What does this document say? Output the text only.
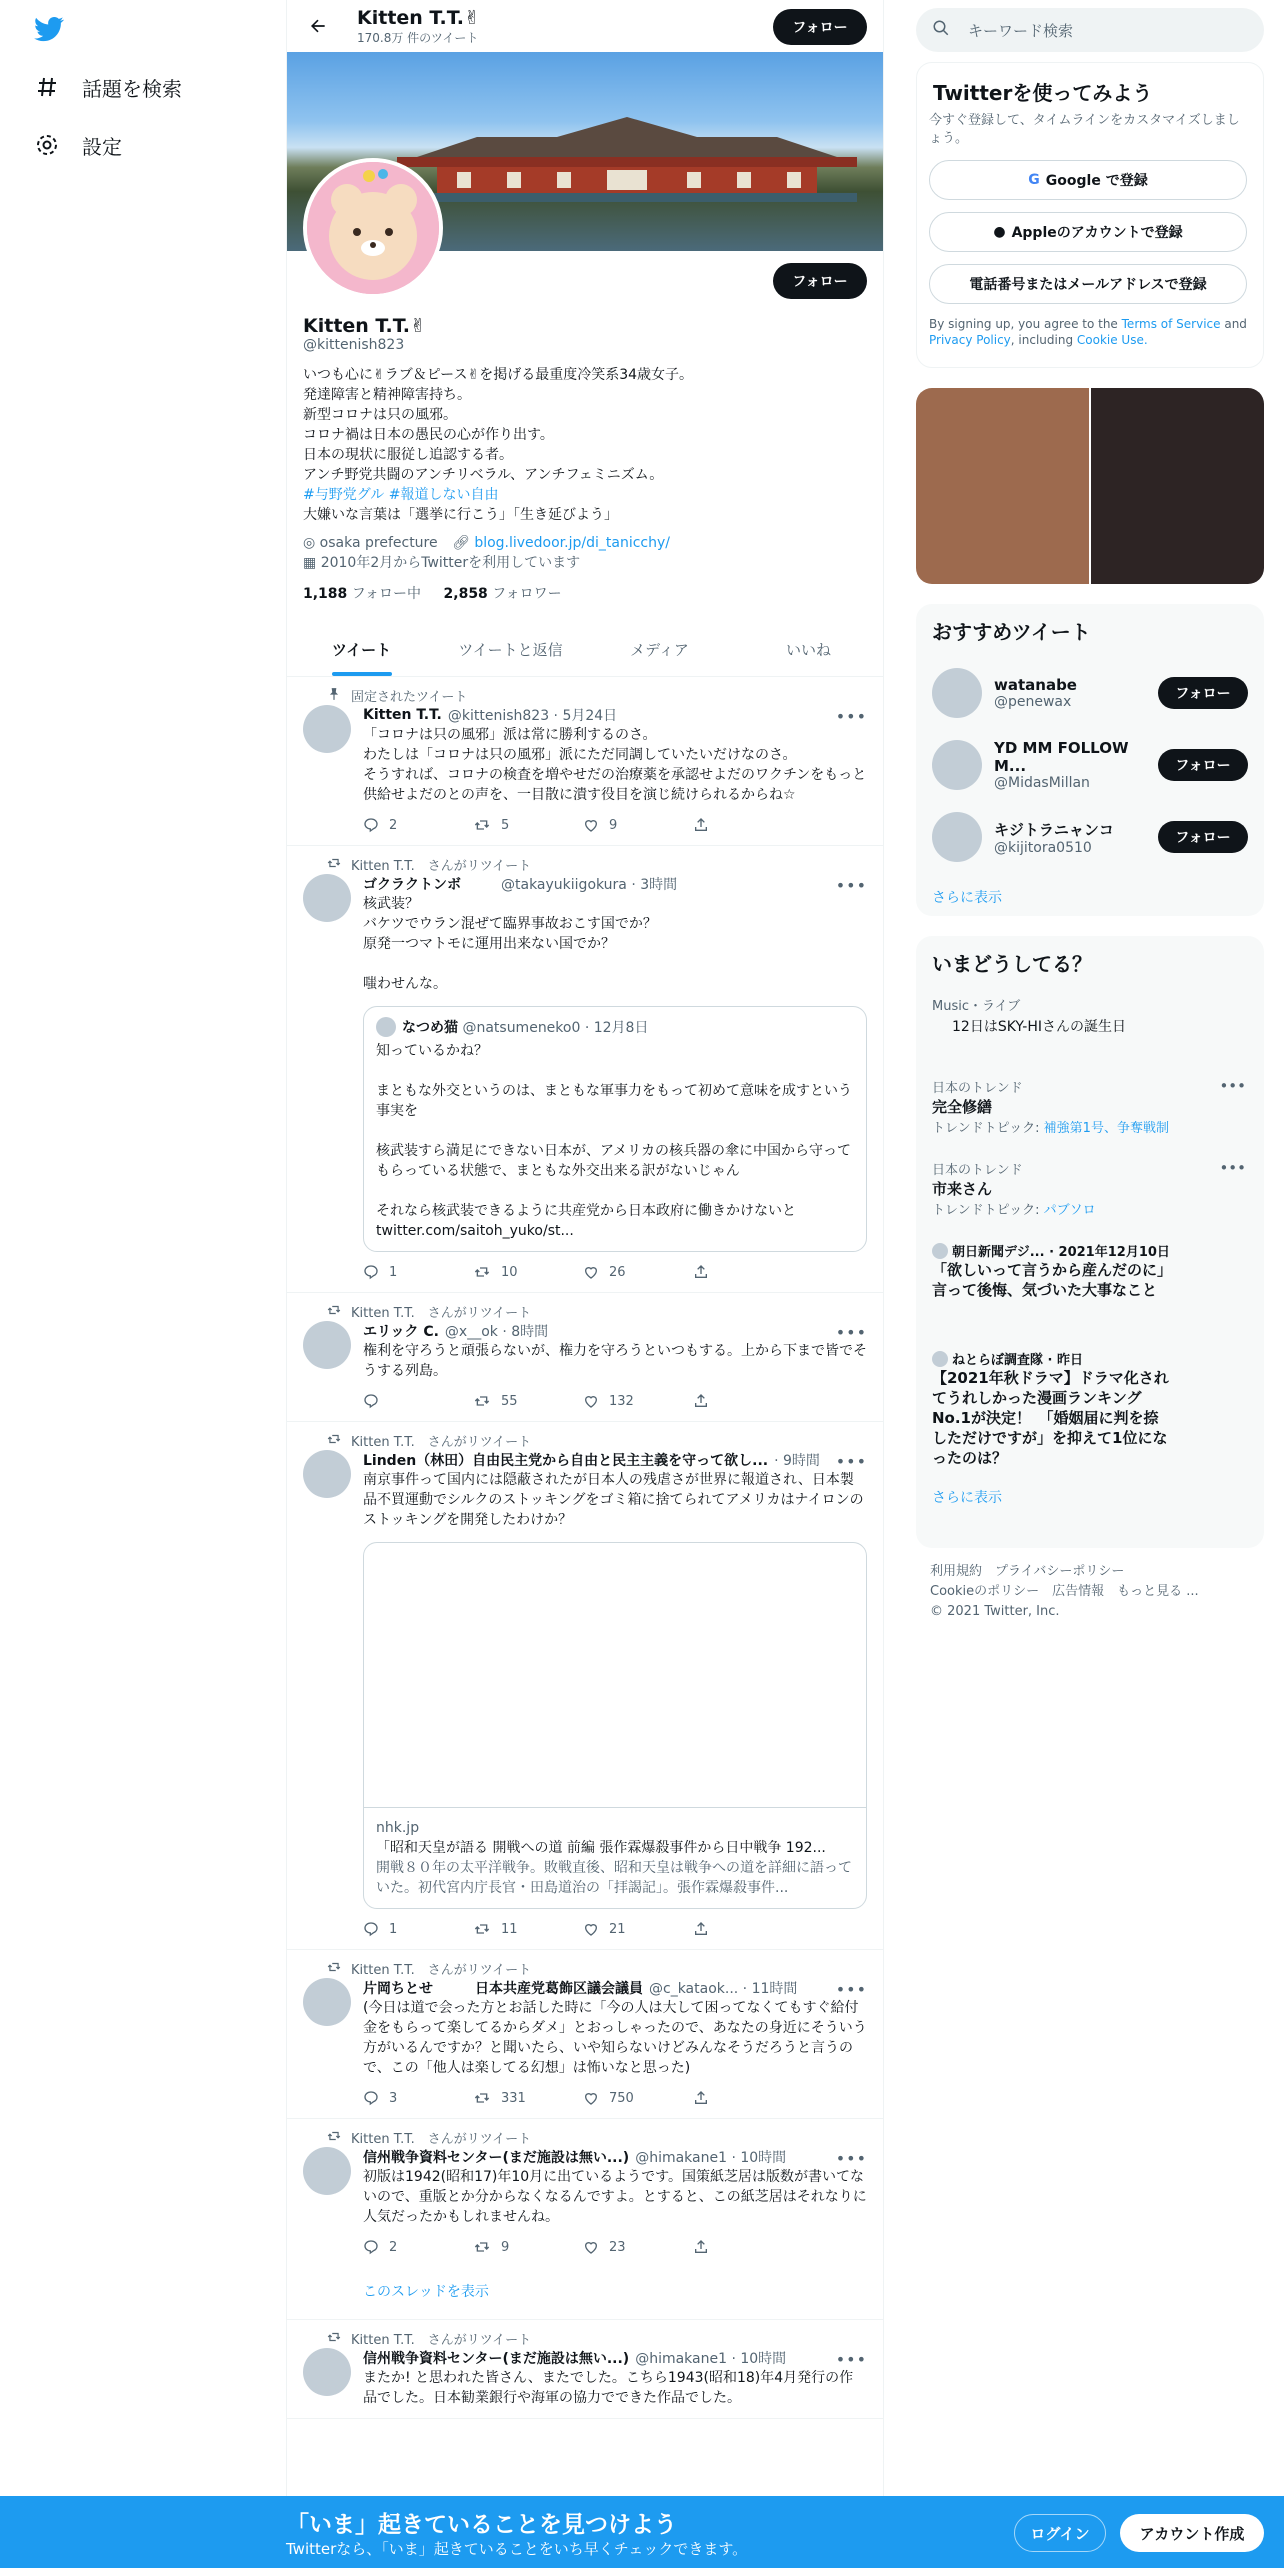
話題を検索
設定
Kitten T.T.✌
170.8万 件のツイート
フォロー
フォロー
Kitten T.T.✌
@kittenish823
いつも心に✌ラブ＆ピース✌を掲げる最重度冷笑系34歳女子。
発達障害と精神障害持ち。
新型コロナは只の風邪。
コロナ禍は日本の愚民の心が作り出す。
日本の現状に服従し追認する者。
アンチ野党共闘のアンチリベラル、アンチフェミニズム。
#与野党グル #報道しない自由
大嫌いな言葉は「選挙に行こう」「生き延びよう」
◎ osaka prefecture 🔗︎ blog.livedoor.jp/di_tanicchy/
▦ 2010年2月からTwitterを利用しています
1,188 フォロー中 2,858 フォロワー
ツイート	ツイートと返信	メディア	いいね
固定されたツイート
Kitten T.T. @kittenish823 · 5月24日
「コロナは只の風邪」派は常に勝利するのさ。
わたしは「コロナは只の風邪」派にただ同調していたいだけなのさ。
そうすれば、コロナの検査を増やせだの治療薬を承認せよだのワクチンをもっと供給せよだのとの声を、一目散に潰す役目を演じ続けられるからね☆
2	5	9
•••
Kitten T.T.　さんがリツイート
ゴクラクトンボ	@takayukiigokura · 3時間
核武装？
バケツでウラン混ぜて臨界事故おこす国でか？
原発一つマトモに運用出来ない国でか？

嗤わせんな。
なつめ猫
@natsumeneko0 · 12月8日
知っているかね？

まともな外交というのは、まともな軍事力をもって初めて意味を成すという事実を

核武装すら満足にできない日本が、アメリカの核兵器の傘に中国から守ってもらっている状態で、まともな外交出来る訳がないじゃん

それなら核武装できるように共産党から日本政府に働きかけないと
twitter.com/saitoh_yuko/st...
1	10	26
•••
Kitten T.T.　さんがリツイート
エリック C. @x__ok · 8時間
権利を守ろうと頑張らないが、権力を守ろうといつもする。上から下まで皆でそうする列島。
55	132
•••
Kitten T.T.　さんがリツイート
Linden（林田）自由民主党から自由と民主主義を守って欲し... · 9時間
南京事件って国内には隠蔽されたが日本人の残虐さが世界に報道され、日本製品不買運動でシルクのストッキングをゴミ箱に捨てられてアメリカはナイロンのストッキングを開発したわけか？
nhk.jp
「昭和天皇が語る 開戦への道 前編 張作霖爆殺事件から日中戦争 192...
開戦８０年の太平洋戦争。敗戦直後、昭和天皇は戦争への道を詳細に語っていた。初代宮内庁長官・田島道治の「拝謁記」。張作霖爆殺事件...
1	11	21
•••
Kitten T.T.　さんがリツイート
片岡ちとせ　　　日本共産党葛飾区議会議員 @c_kataok... · 11時間
(今日は道で会った方とお話した時に「今の人は大して困ってなくてもすぐ給付金をもらって楽してるからダメ」とおっしゃったので、あなたの身近にそういう方がいるんですか？と聞いたら、いや知らないけどみんなそうだろうと言うので、この「他人は楽してる幻想」は怖いなと思った)
3	331	750
•••
Kitten T.T.　さんがリツイート
信州戦争資料センター(まだ施設は無い...) @himakane1 · 10時間
初版は1942(昭和17)年10月に出ているようです。国策紙芝居は版数が書いてないので、重版とか分からなくなるんですよ。とすると、この紙芝居はそれなりに人気だったかもしれませんね。
2	9	23
•••
このスレッドを表示
Kitten T.T.　さんがリツイート
信州戦争資料センター(まだ施設は無い...) @himakane1 · 10時間
またか! と思われた皆さん、またでした。こちら1943(昭和18)年4月発行の作品でした。日本勧業銀行や海軍の協力でできた作品でした。
•••
キーワード検索
Twitterを使ってみよう
今すぐ登録して、タイムラインをカスタマイズしましょう。
G Google で登録
● Appleのアカウントで登録
電話番号またはメールアドレスで登録
By signing up, you agree to the Terms of Service and Privacy Policy, including Cookie Use.
おすすめツイート
watanabe
@penewax	フォロー
YD MM FOLLOW M...
@MidasMillan
フォロー
キジトラニャンコ
@kijitora0510
フォロー
さらに表示
いまどうしてる？
Music・ライブ
12日はSKY-HIさんの誕生日
日本のトレンド
完全修繕
トレンドトピック: 補強第1号、争奪戦制
•••
日本のトレンド
市来さん
トレンドトピック: パブソロ
•••
朝日新聞デジ... · 2021年12月10日
「欲しいって言うから産んだのに」　言って後悔、気づいた大事なこと
ねとらぼ調査隊 · 昨日
【2021年秋ドラマ】ドラマ化されてうれしかった漫画ランキング No.1が決定！　「婚姻届に判を捺しただけですが」を抑えて1位になったのは？
さらに表示
利用規約　プライバシーポリシー
Cookieのポリシー　広告情報　もっと見る ...
© 2021 Twitter, Inc.
「いま」起きていることを見つけよう
Twitterなら、「いま」起きていることをいち早くチェックできます。
ログイン	アカウント作成
